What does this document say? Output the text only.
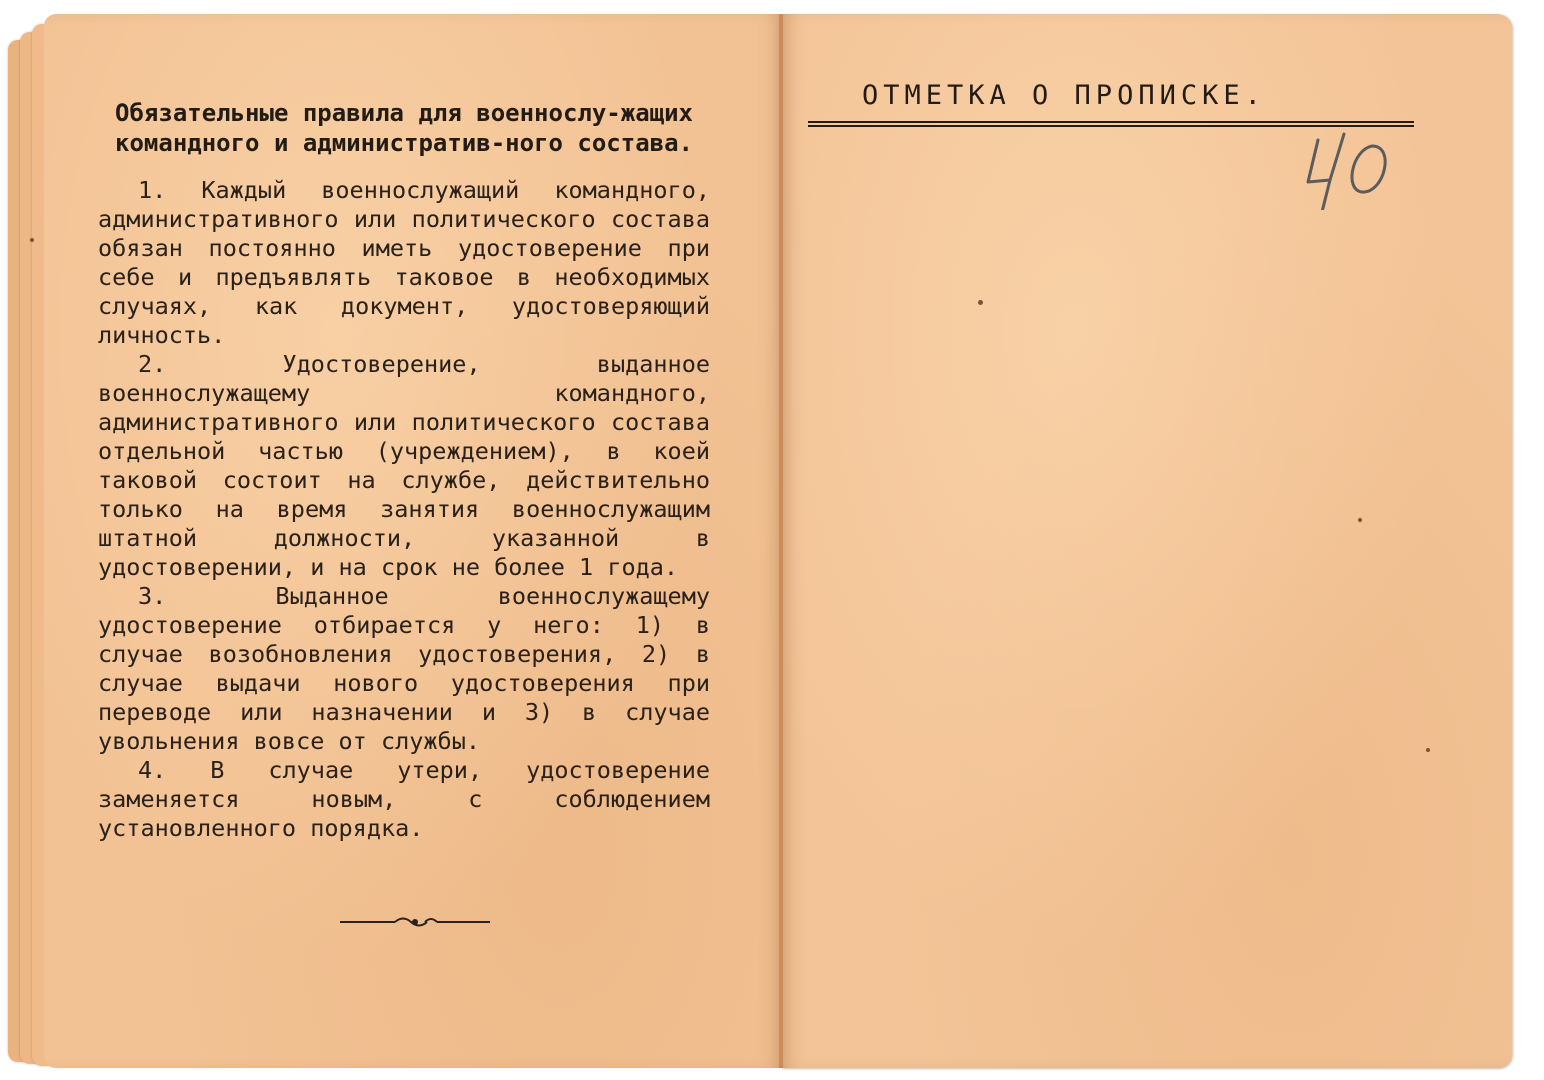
Обязательные правила для военнослу-жащих командного и административ-ного состава.

1. Каждый военнослужащий командного, административного или политического состава обязан постоянно иметь удостоверение при себе и предъявлять таковое в необходимых случаях, как документ, удостоверяющий личность.

2. Удостоверение, выданное военнослужащему командного, административного или политического состава отдельной частью (учреждением), в коей таковой состоит на службе, действительно только на время занятия военнослужащим штатной должности, указанной в удостоверении, и на срок не более 1 года.

3. Выданное военнослужащему удостоверение отбирается у него: 1) в случае возобновления удостоверения, 2) в случае выдачи нового удостоверения при переводе или назначении и 3) в случае увольнения вовсе от службы.

4. В случае утери, удостоверение заменяется новым, с соблюдением установленного порядка.

ОТМЕТКА О ПРОПИСКЕ.
40
